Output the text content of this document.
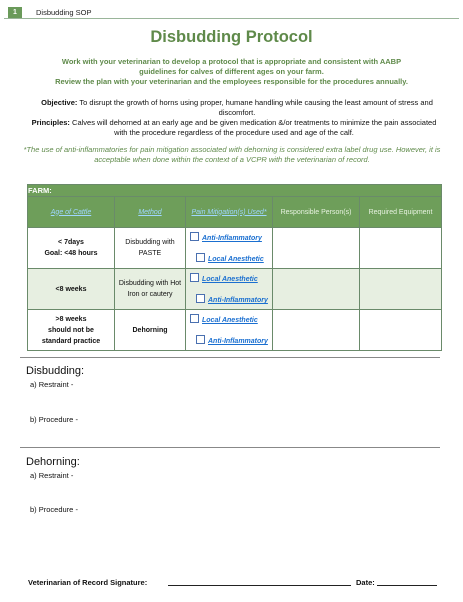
1	Disbudding SOP
Disbudding Protocol
Work with your veterinarian to develop a protocol that is appropriate and consistent with AABP
guidelines for calves of different ages on your farm.
Review the plan with your veterinarian and the employees responsible for the procedures annually.
Objective: To disrupt the growth of horns using proper, humane handling while causing the least amount of stress and discomfort.
Principles: Calves will dehorned at an early age and be given medication &/or treatments to minimize the pain associated with the procedure regardless of the procedure used and age of the calf.
*The use of anti-inflammatories for pain mitigation associated with dehorning is considered extra label drug use. However, it is acceptable when done within the context of a VCPR with the veterinarian of record.
FARM:				
Age of Cattle	Method	Pain Mitigation(s) Used*	Responsible Person(s)	Required Equipment
< 7days
Goal: <48 hours	Disbudding with PASTE	Anti-Inflammatory
Local Anesthetic		

<8 weeks	Disbudding with Hot Iron or cautery	Local Anesthetic
Anti-Inflammatory		

>8 weeks
should not be
standard practice	Dehorning	Local Anesthetic
Anti-Inflammatory		

Disbudding:
a) Restraint -
b) Procedure -
Dehorning:
a) Restraint -
b) Procedure -
Veterinarian of Record Signature:	Date:
